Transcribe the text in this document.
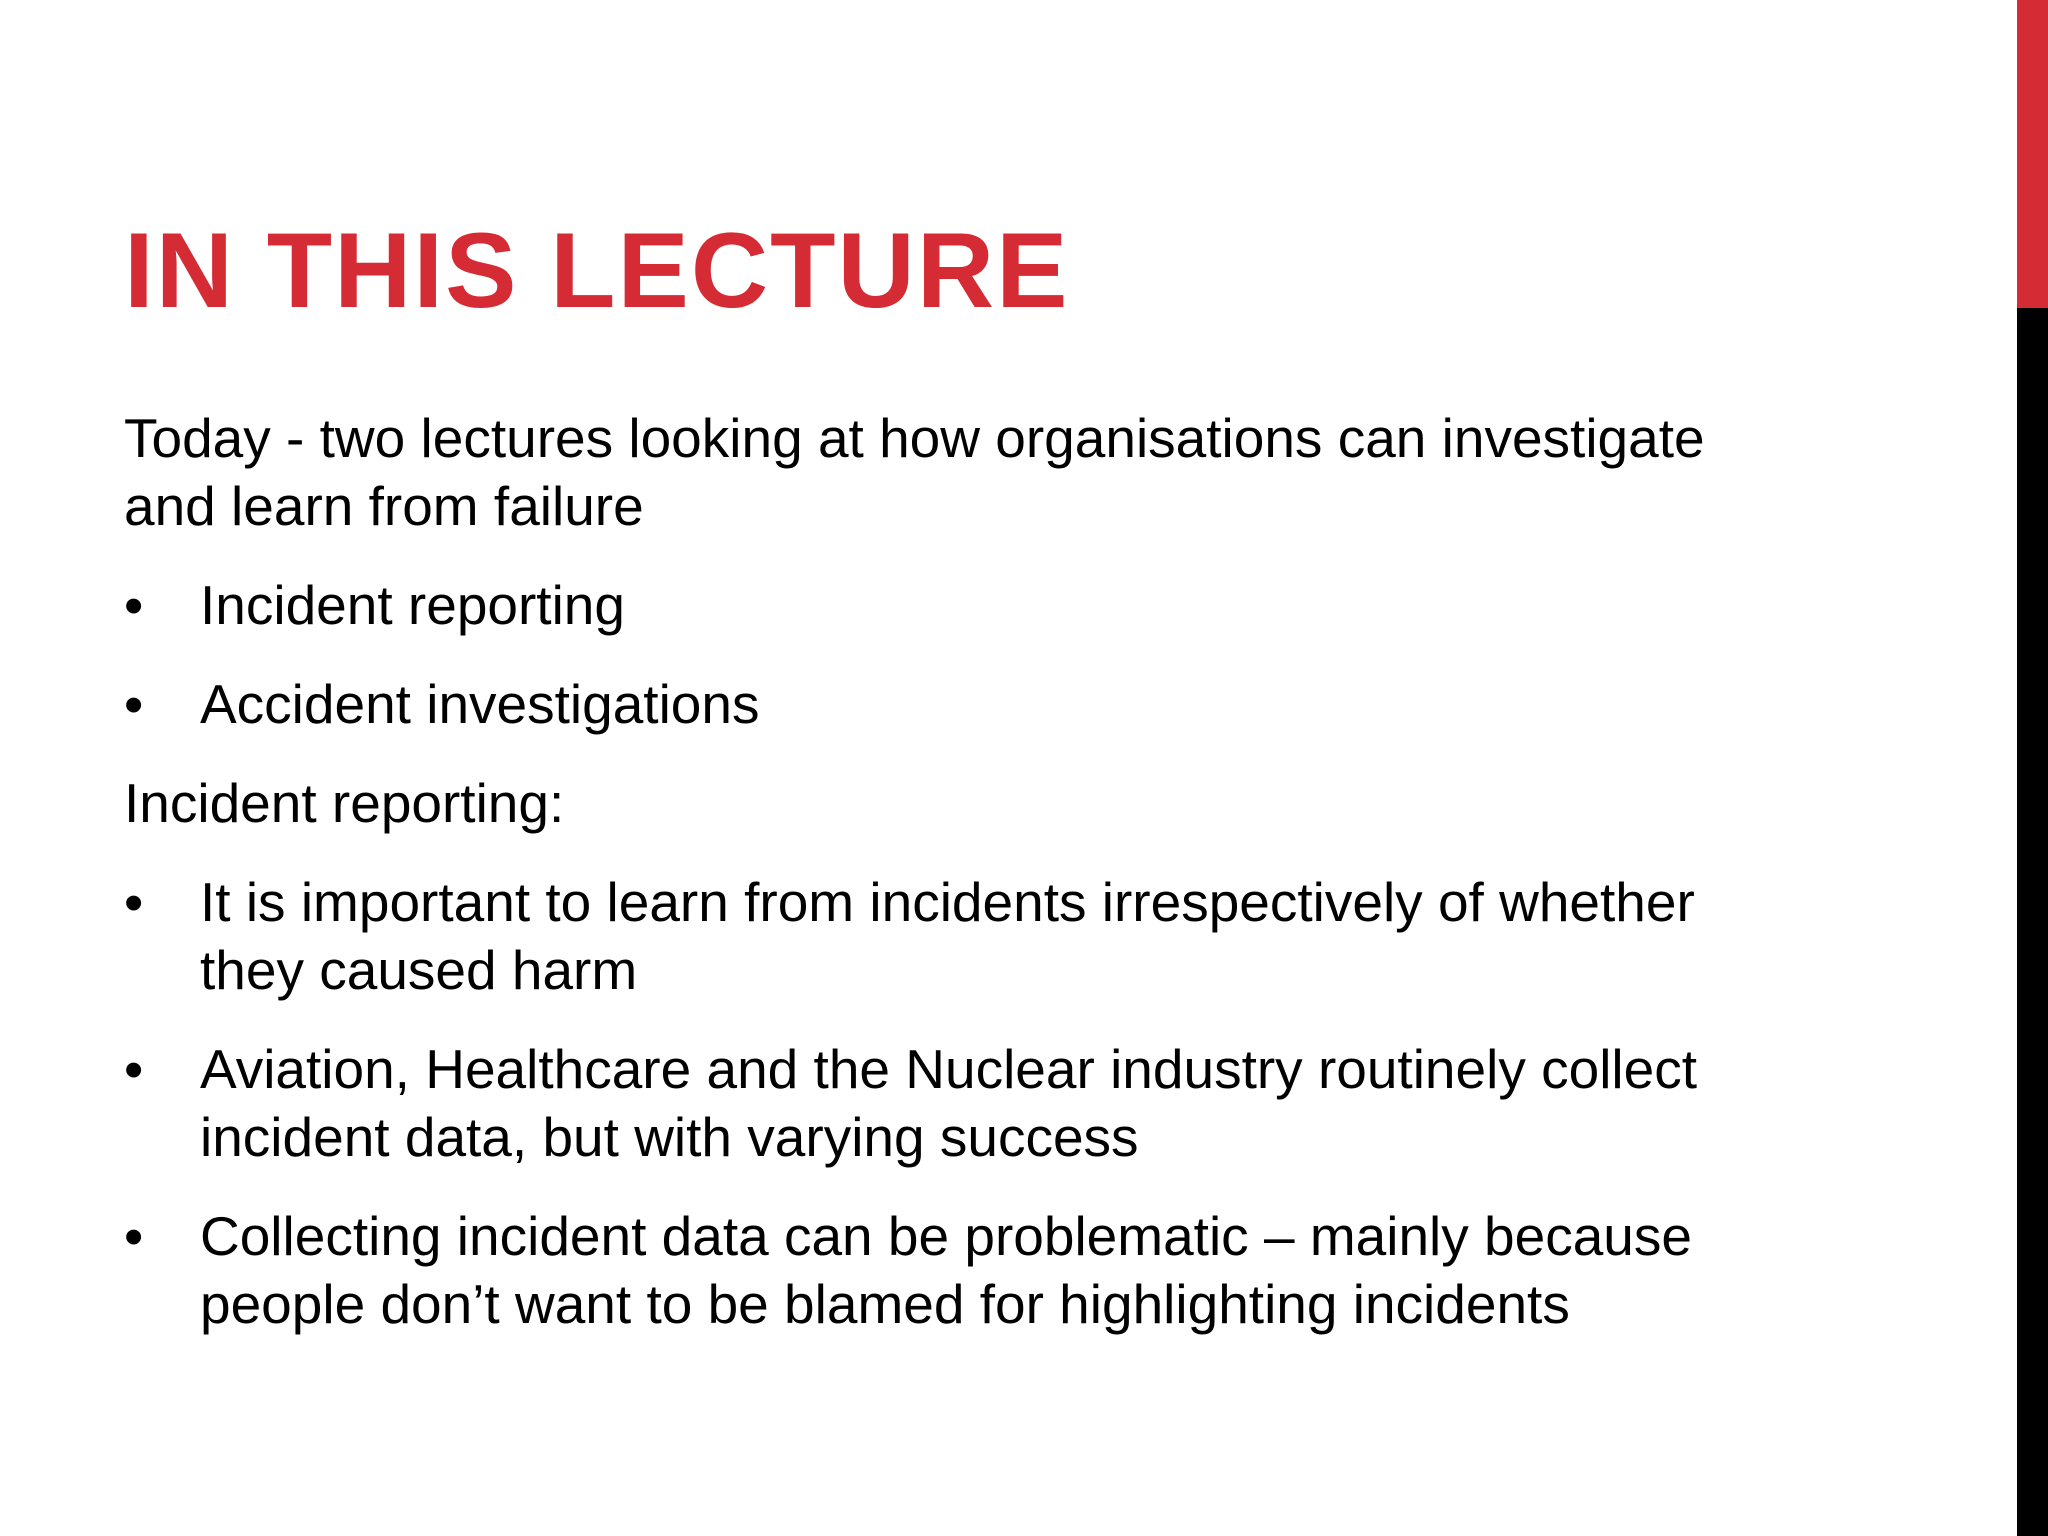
IN THIS LECTURE

Today - two lectures looking at how organisations can investigate and learn from failure

• Incident reporting
• Accident investigations

Incident reporting:

• It is important to learn from incidents irrespectively of whether they caused harm
• Aviation, Healthcare and the Nuclear industry routinely collect incident data, but with varying success
• Collecting incident data can be problematic – mainly because people don’t want to be blamed for highlighting incidents
